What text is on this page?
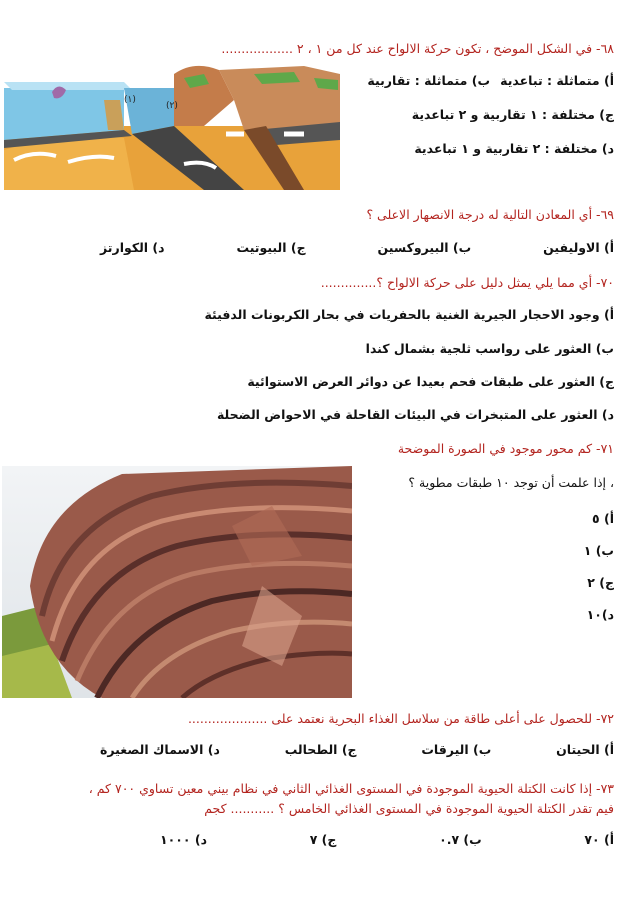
٦٨- في الشكل الموضح ، تكون حركة الالواح عند كل من ١ ، ٢ ..................
(١)
(٢)
ب) متماثلة : تقاربية أ) متماثلة : تباعدية
ج) مختلفة : ١ تقاربية و ٢ تباعدية
د) مختلفة : ٢ تقاربية و ١ تباعدية
٦٩- أي المعادن التالية له درجة الانصهار الاعلى ؟
أ) الاوليفين
ب) البيروكسين
ج) البيوتيت
د) الكوارتز
٧٠- أي مما يلي يمثل دليل على حركة الالواح ؟..............
أ) وجود الاحجار الجيرية الغنية بالحفريات في بحار الكربونات الدفيئة
ب) العثور على رواسب ثلجية بشمال كندا
ج) العثور على طبقات فحم بعيدا عن دوائر العرض الاستوائية
د) العثور على المتبخرات في البيئات القاحلة في الاحواض الضحلة
٧١- كم محور موجود في الصورة الموضحة
، إذا علمت أن توجد ١٠ طبقات مطوية ؟
أ) ٥
ب) ١
ج) ٢
د)١٠
٧٢- للحصول على أعلى طاقة من سلاسل الغذاء البحرية نعتمد على ....................
أ) الحيتان
ب) اليرقات
ج) الطحالب
د) الاسماك الصغيرة
٧٣- إذا كانت الكتلة الحيوية الموجودة في المستوى الغذائي الثاني في نظام بيني معين تساوي ٧٠٠ كم ،
فيم تقدر الكتلة الحيوية الموجودة في المستوى الغذائي الخامس ؟ ........... كجم
أ) ٧٠
ب) ٠.٧
ج) ٧
د) ١٠٠٠
